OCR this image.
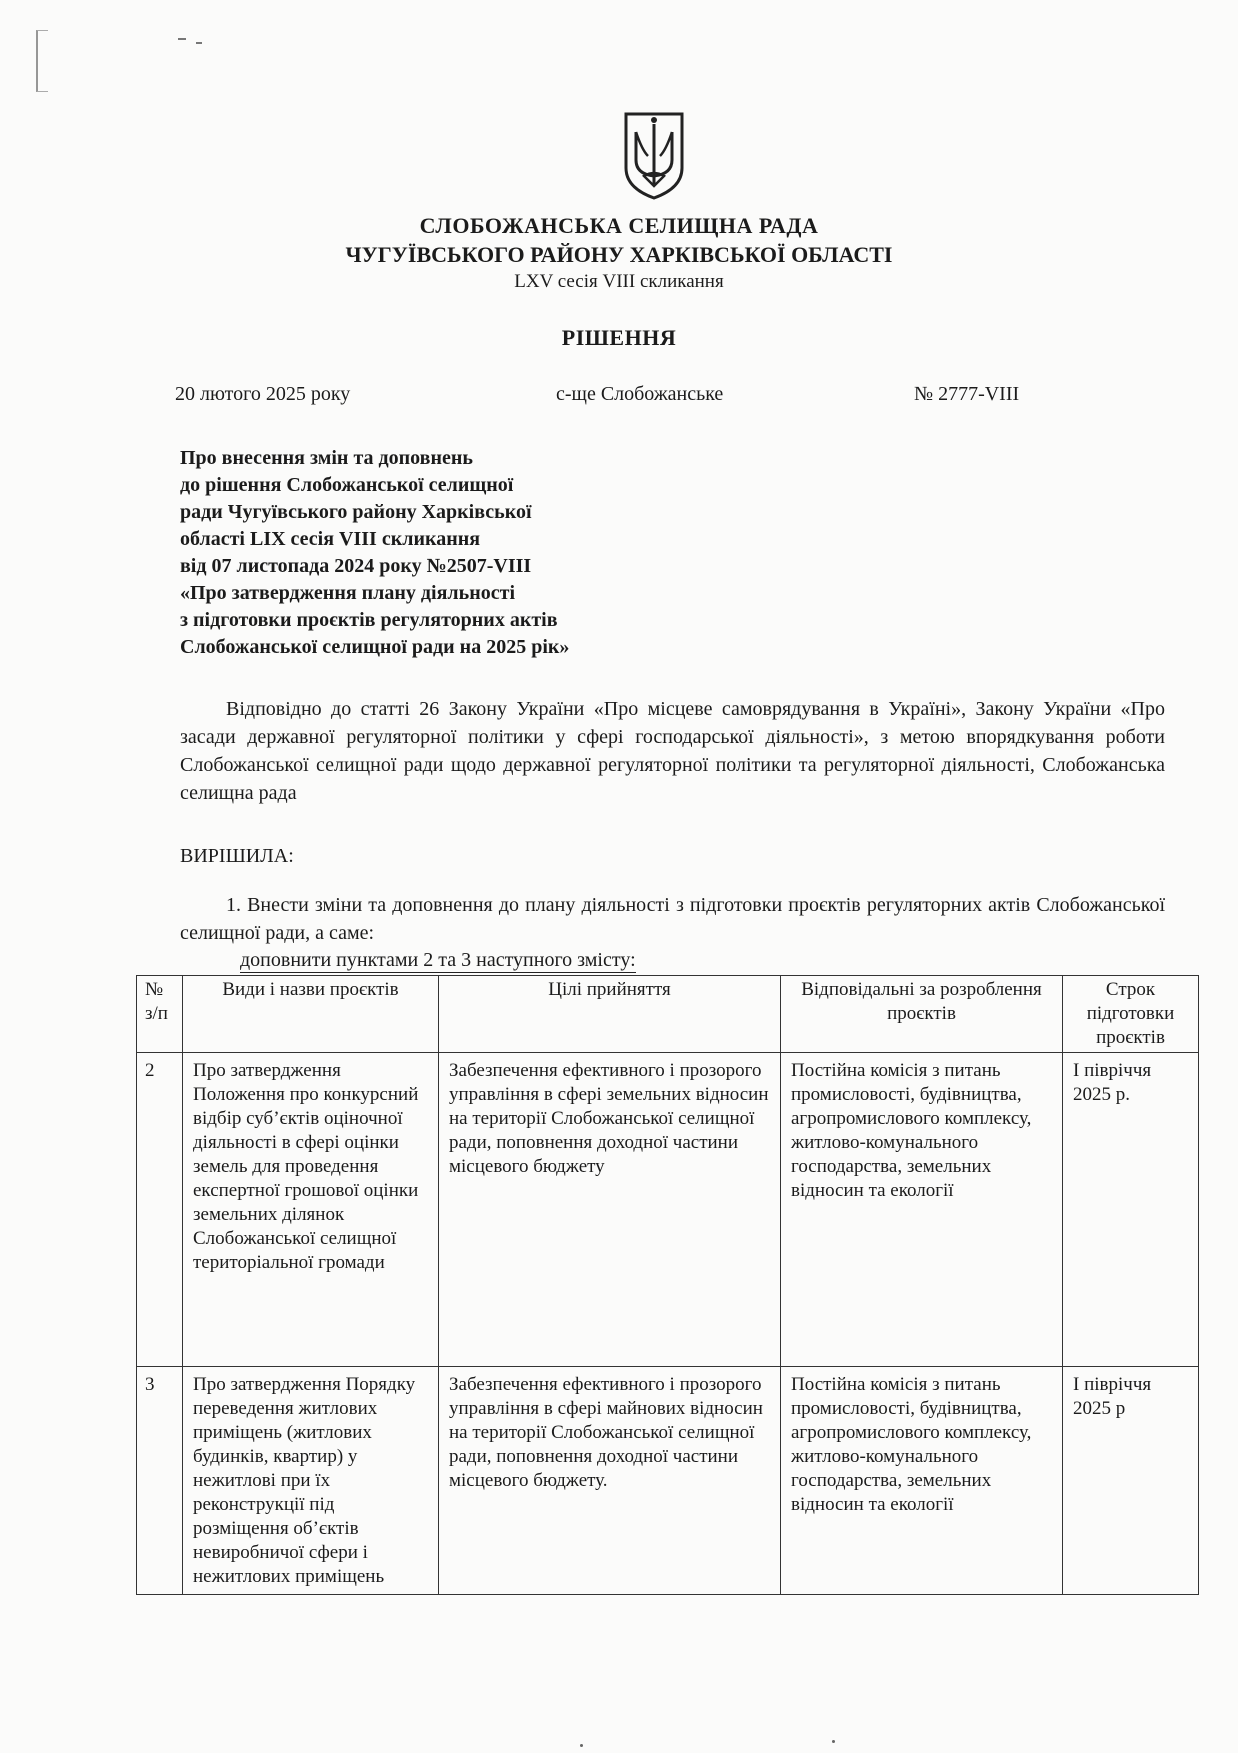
СЛОБОЖАНСЬКА СЕЛИЩНА РАДА
ЧУГУЇВСЬКОГО РАЙОНУ ХАРКІВСЬКОЇ ОБЛАСТІ
LXV сесія VIII скликання
РІШЕННЯ
20 лютого 2025 року	с-ще Слобожанське	№ 2777-VIII
Про внесення змін та доповнень
до рішення Слобожанської селищної
ради Чугуївського району Харківської
області LIX сесія VIII скликання
від 07 листопада 2024 року №2507-VIII
«Про затвердження плану діяльності
з підготовки проєктів регуляторних актів
Слобожанської селищної ради на 2025 рік»
Відповідно до статті 26 Закону України «Про місцеве самоврядування в Україні», Закону України «Про засади державної регуляторної політики у сфері господарської діяльності», з метою впорядкування роботи Слобожанської селищної ради щодо державної регуляторної політики та регуляторної діяльності, Слобожанська селищна рада
ВИРІШИЛА:
1. Внести зміни та доповнення до плану діяльності з підготовки проєктів регуляторних актів Слобожанської селищної ради, а саме:
доповнити пунктами 2 та 3 наступного змісту:
№ з/п	Види і назви проєктів	Цілі прийняття	Відповідальні за розроблення проєктів	Строк підготовки проєктів
2	Про затвердження Положення про конкурсний відбір суб’єктів оціночної діяльності в сфері оцінки земель для проведення експертної грошової оцінки земельних ділянок Слобожанської селищної територіальної громади	Забезпечення ефективного і прозорого управління в сфері земельних відносин на території Слобожанської селищної ради, поповнення доходної частини місцевого бюджету	Постійна комісія з питань промисловості, будівництва, агропромислового комплексу, житлово-комунального господарства, земельних відносин та екології	І півріччя 2025 р.
3	Про затвердження Порядку переведення житлових приміщень (житлових будинків, квартир) у нежитлові при їх реконструкції під розміщення об’єктів невиробничої сфери і нежитлових приміщень	Забезпечення ефективного і прозорого управління в сфері майнових відносин на території Слобожанської селищної ради, поповнення доходної частини місцевого бюджету.	Постійна комісія з питань промисловості, будівництва, агропромислового комплексу, житлово-комунального господарства, земельних відносин та екології	І півріччя 2025 р
